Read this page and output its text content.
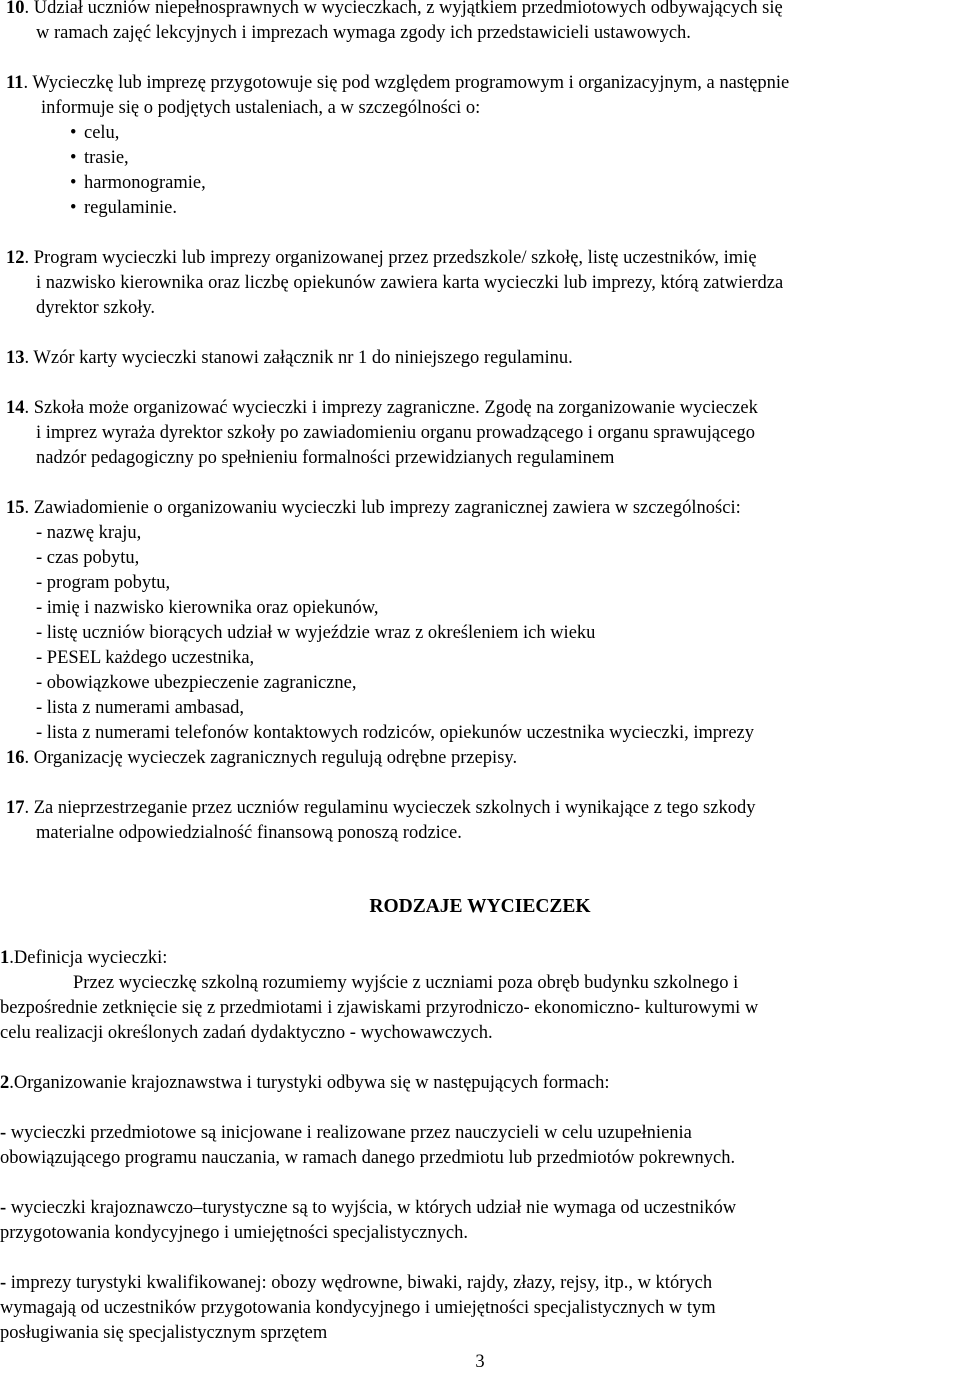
10. Udział uczniów niepełnosprawnych w wycieczkach, z wyjątkiem przedmiotowych odbywających się
w ramach zajęć lekcyjnych i imprezach wymaga zgody ich przedstawicieli ustawowych.
11. Wycieczkę lub imprezę przygotowuje się pod względem programowym i organizacyjnym, a następnie
informuje się o podjętych ustaleniach, a w szczególności o:
• celu,
• trasie,
• harmonogramie,
• regulaminie.
12. Program wycieczki lub imprezy organizowanej przez przedszkole/ szkołę, listę uczestników, imię
i nazwisko kierownika oraz liczbę opiekunów zawiera karta wycieczki lub imprezy, którą zatwierdza
dyrektor szkoły.
13. Wzór karty wycieczki stanowi załącznik nr 1 do niniejszego regulaminu.
14. Szkoła może organizować wycieczki i imprezy zagraniczne. Zgodę na zorganizowanie wycieczek
i imprez wyraża dyrektor szkoły po zawiadomieniu organu prowadzącego i organu sprawującego
nadzór pedagogiczny po spełnieniu formalności przewidzianych regulaminem
15. Zawiadomienie o organizowaniu wycieczki lub imprezy zagranicznej zawiera w szczególności:
- nazwę kraju,
- czas pobytu,
- program pobytu,
- imię i nazwisko kierownika oraz opiekunów,
- listę uczniów biorących udział w wyjeździe wraz z określeniem ich wieku
- PESEL każdego uczestnika,
- obowiązkowe ubezpieczenie zagraniczne,
- lista z numerami ambasad,
- lista z numerami telefonów kontaktowych rodziców, opiekunów uczestnika wycieczki, imprezy
16. Organizację wycieczek zagranicznych regulują odrębne przepisy.
17. Za nieprzestrzeganie przez uczniów regulaminu wycieczek szkolnych i wynikające z tego szkody
materialne odpowiedzialność finansową ponoszą rodzice.
RODZAJE WYCIECZEK
1.Definicja wycieczki:
Przez wycieczkę szkolną rozumiemy wyjście z uczniami poza obręb budynku szkolnego i
bezpośrednie zetknięcie się z przedmiotami i zjawiskami przyrodniczo- ekonomiczno- kulturowymi w
celu realizacji określonych zadań dydaktyczno - wychowawczych.
2.Organizowanie krajoznawstwa i turystyki odbywa się w następujących formach:
- wycieczki przedmiotowe są inicjowane i realizowane przez nauczycieli w celu uzupełnienia
obowiązującego programu nauczania, w ramach danego przedmiotu lub przedmiotów pokrewnych.
- wycieczki krajoznawczo–turystyczne są to wyjścia, w których udział nie wymaga od uczestników
przygotowania kondycyjnego i umiejętności specjalistycznych.
- imprezy turystyki kwalifikowanej: obozy wędrowne, biwaki, rajdy, złazy, rejsy, itp., w których
wymagają od uczestników przygotowania kondycyjnego i umiejętności specjalistycznych w tym
posługiwania się specjalistycznym sprzętem
3
